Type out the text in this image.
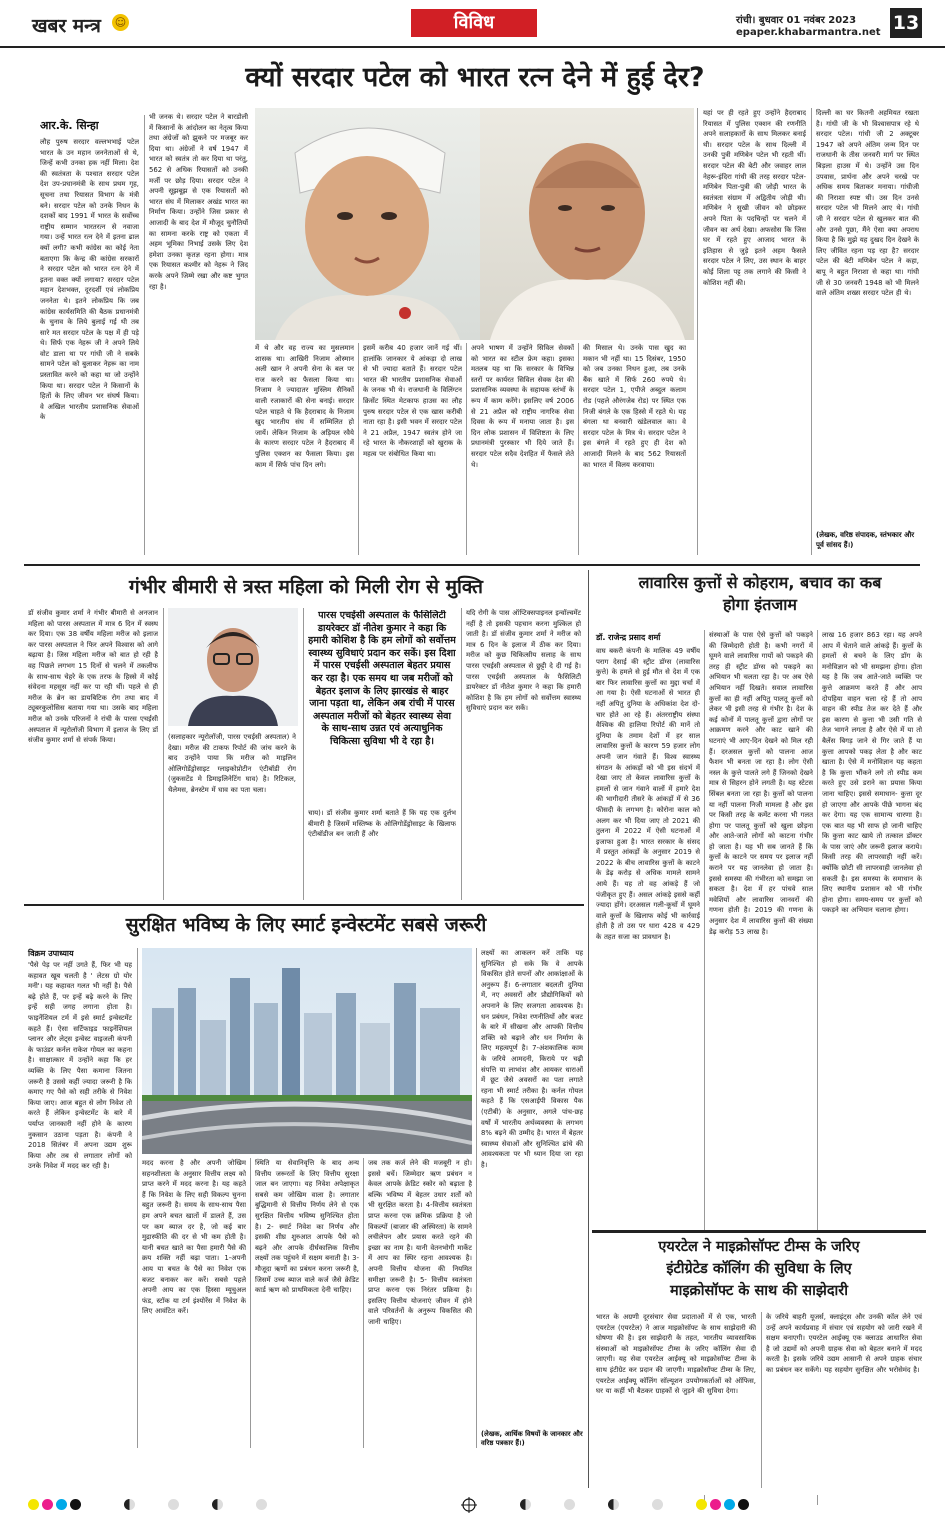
खबर मन्त्र ☺	विविध	रांची। बुधवार 01 नवंबर 2023
epaper.khabarmantra.net 13
क्यों सरदार पटेल को भारत रत्न देने में हुई देर?
आर.के. सिन्हा
लौह पुरुष सरदार वल्लभभाई पटेल भारत के उन महान जननेताओं से थे, जिन्हें कभी उनका हक नहीं मिला। देश की स्वतंत्रता के पश्चात सरदार पटेल देश उप-प्रधानमंत्री के साथ प्रथम गृह, सूचना तथा रियासत विभाग के मंत्री बने। सरदार पटेल को उनके निधन के दशकों बाद 1991 में भारत के सर्वोच्च राष्ट्रीय सम्मान भारतरत्न से नवाजा गया। उन्हें भारत रत्न देने में इतना ढाल क्यों लगी? कभी कांग्रेस का कोई नेता बताएगा कि केन्द्र की कांग्रेस सरकारों ने सरदार पटेल को भारत रत्न देने में इतना वक्त क्यों लगाया? सरदार पटेल महान देशभक्त, दूरदर्शी एवं लोकप्रिय जननेता थे। इतने लोकप्रिय कि जब कांग्रेस कार्यसमिति की बैठक प्रधानमंत्री के चुनाव के लिये बुलाई गई थी तब सारे मत सरदार पटेल के पक्ष में ही पड़े थे। सिर्फ एक नेहरू जी ने अपने लिये वोट डाला था पर गांधी जी ने सबके सामने पटेल को बुलाकर नेहरू का नाम प्रस्तावित करने को कहा था जो उन्होंने किया था। सरदार पटेल ने किसानों के हितों के लिए जीवन भर संघर्ष किया। वे अखिल भारतीय प्रशासनिक सेवाओं के
भी जनक थे। सरदार पटेल ने बारडोली में किसानों के आंदोलन का नेतृत्व किया तथा अंग्रेजों को झुकने पर मजबूर कर दिया था। अंग्रेजों ने वर्ष 1947 में भारत को स्वतंत्र तो कर दिया था परंतु, 562 से अधिक रियासतों को उनकी मर्जी पर छोड़ दिया। सरदार पटेल ने अपनी सूझबूझ से एक रियासतों को भारत संघ में मिलाकर अखंड भारत का निर्माण किया। उन्होंने जिस प्रकार से आजादी के बाद देश में मौजूद चुनौतियों का सामना करके राष्ट्र को एकता में अहम भूमिका निभाई उसके लिए देश हमेशा उनका कृतज्ञ रहना होगा। मात्र एक रियासत कश्मीर को नेहरू ने जिद करके अपने जिम्मे रखा और कष्ट भुगत रहा है।
में थे और वह राज्य का मुसलमान शासक था। आखिरी निजाम ओस्मान अली खान ने अपनी सेना के बल पर राज करने का फैसला किया था। निजाम ने ज्यादातर मुस्लिम सैनिकों वाली रजाकारों की सेना बनाई। सरदार पटेल चाहते थे कि हैदराबाद के निजाम खुद भारतीय संघ में सम्मिलित हो जायें। लेकिन निजाम के अड़ियल रवैये के कारण सरदार पटेल ने हैदराबाद में पुलिस एक्शन का फैसला किया। इस काम में सिर्फ पांच दिन लगे।
इसमें करीब 40 हजार जानें गई थीं। हालांकि जानकार ये आंकड़ा दो लाख से भी ज्यादा बताते हैं। सरदार पटेल भारत की भारतीय प्रशासनिक सेवाओं के जनक भी थे। राजधानी के विलिंग्टन क्रिसेंट स्थित मेटकाफ हाउस का लौह पुरुष सरदार पटेल से एक खास करीबी नाता रहा है। इसी भवन में सरदार पटेल ने 21 अप्रैल, 1947 स्वतंत्र होने जा रहे भारत के नौकरशाहों को खुराक के महत्व पर संबोधित किया था।
अपने भाषण में उन्होंने सिविल सेवकों को भारत का स्टील फ्रेम कहा। इसका मतलब यह था कि सरकार के विभिन्न स्तरों पर कार्यरत सिविल सेवक देश की प्रशासनिक व्यवस्था के सहायक स्तंभों के रूप में काम करेंगे। इसलिए वर्ष 2006 से 21 अप्रैल को राष्ट्रीय नागरिक सेवा दिवस के रूप में मनाया जाता है। इस दिन लोक प्रशासन में विशिष्टता के लिए प्रधानमंत्री पुरस्कार भी दिये जाते हैं। सरदार पटेल सदैव देशहित में फैसले लेते थे।
की मिसाल थे। उनके पास खुद का मकान भी नहीं था। 15 दिसंबर, 1950 को जब उनका निधन हुआ, तब उनके बैंक खाते में सिर्फ 260 रुपये थे। सरदार पटेल 1, एपीजे अब्दुल कलाम रोड (पहले औरंगजेब रोड) पर स्थित एक निजी बंगले के एक हिस्से में रहते थे। यह बंगला था बनवारी खंडेलवाल का। वे सरदार पटेल के मित्र थे। सरदार पटेल ने इस बंगले में रहते हुए ही देश को आजादी मिलने के बाद 562 रियासतों का भारत में विलय करवाया।
यहां पर ही रहते हुए उन्होंने हैदराबाद रियासत में पुलिस एक्शन की रणनीति अपने सलाहकारों के साथ मिलकर बनाई थी। सरदार पटेल के साथ दिल्ली में उनकी पुत्री मणिबेन पटेल भी रहती थीं। सरदार पटेल की बेटी और जवाहर लाल नेहरू-इंदिरा गांधी की तरह सरदार पटेल-मणिबेन पिता-पुत्री की जोड़ी भारत के स्वतंत्रता संग्राम में अद्वितीय जोड़ी थी। मणिबेन ने सुखी जीवन को छोड़कर अपने पिता के पदचिन्हों पर चलने में जीवन का अर्थ देखा। अफसोस कि जिस घर में रहते हुए आजाद भारत के इतिहास से जुड़े इतने अहम फैसले सरदार पटेल ने लिए, उस स्थान के बाहर कोई शिला पट्ट तक लगाने की किसी ने कोशिश नहीं की।
दिल्ली का घर कितनी अहमियत रखता है। गांधी जी के भी विश्वासपात्र रहे थे सरदार पटेल। गांधी जी 2 अक्टूबर 1947 को अपने अंतिम जन्म दिन पर राजधानी के तीस जनवरी मार्ग पर स्थित बिड़ला हाउस में थे। उन्होंने उस दिन उपवास, प्रार्थना और अपने चरखे पर अधिक समय बिताकर मनाया। गांधीजी की निराशा स्पष्ट थी। उस दिन उनसे सरदार पटेल भी मिलने आए थे। गांधी जी ने सरदार पटेल से खुलकर बात की और उनसे पूछा, मैंने ऐसा क्या अपराध किया है कि मुझे यह दुखद दिन देखने के लिए जीवित रहना पड़ रहा है? सरदार पटेल की बेटी मणिबेन पटेल ने कहा, बापू ने बहुत निराशा से कहा था। गांधी जी से 30 जनवरी 1948 को भी मिलने वाले अंतिम शख्स सरदार पटेल ही थे।
(लेखक, वरिष्ठ संपादक, स्तंभकार और पूर्व सांसद हैं।)
गंभीर बीमारी से त्रस्त महिला को मिली रोग से मुक्ति
डॉ संजीव कुमार शर्मा ने गंभीर बीमारी से अनजान महिला को पारस अस्पताल में मात्र 6 दिन में स्वस्थ कर दिया। एक 38 वर्षीय महिला मरीज को इलाज कर पारस अस्पताल ने फिर अपने विश्वास को आगे बढ़ाया है। जिस महिला मरीज को बात हो रही है वह पिछले लगभग 15 दिनों से चलने में तकलीफ के साथ-साथ चेहरे के एक तरफ के हिस्से में कोई संवेदना महसूस नहीं कर पा रही थीं। पहले से ही मरीज के ब्रेन का डायबिटिक रोग तथा बाद में ट्यूबरकुलोसिस बताया गया था। उसके बाद महिला मरीज को उनके परिजनों ने रांची के पारस एचईसी अस्पताल में न्यूरोलॉजी विभाग में इलाज के लिए डॉ संजीव कुमार शर्मा से संपर्क किया।	(सलाहकार न्यूरोलॉजी, पारस एचईसी अस्पताल) ने देखा। मरीज की टाकफ रिपोर्ट की जांच करने के बाद उन्होंने पाया कि मरीज को माइलिन ओलिगोडेंड्रोसाइट ग्लाइकोप्रोटीन एंटीबॉडी रोग (जुकसटेंड मे डिमाइलिनेटिंग घाव) है। रिटिकल, थैलेमस, ब्रेनस्टेम में घाव का पता चला।
पारस एचईसी अस्पताल के फैसिलिटी डायरेक्टर डॉ नीतेश कुमार ने कहा कि हमारी कोशिश है कि हम लोगों को सर्वोत्तम स्वास्थ्य सुविधाएं प्रदान कर सकें। इस दिशा में पारस एचईसी अस्पताल बेहतर प्रयास कर रहा है। एक समय था जब मरीजों को बेहतर इलाज के लिए झारखंड से बाहर जाना पड़ता था, लेकिन अब रांची में पारस अस्पताल मरीजों को बेहतर स्वास्थ्य सेवा के साथ-साथ उन्नत एवं अत्याधुनिक चिकित्सा सुविधा भी दे रहा है।
चाय)। डॉ संजीव कुमार शर्मा बताते हैं कि यह एक दुर्लभ बीमारी है जिसमें मस्तिष्क के ओलिगोडेंड्रोसाइट के खिलाफ एंटीबॉडीज बन जाती हैं और
यदि रोगी के पास ऑप्टिक्सपाइनल इन्वॉल्वमेंट नहीं है तो इसकी पहचान करना मुश्किल हो जाती है। डॉ संजीव कुमार शर्मा ने मरीज को मात्र 6 दिन के इलाज में ठीक कर दिया। मरीज को कुछ चिकित्सीय सलाह के साथ पारस एचईसी अस्पताल से छुट्टी दे दी गई है। पारस एचईसी अस्पताल के फैसिलिटी डायरेक्टर डॉ नीतेश कुमार ने कहा कि हमारी कोशिश है कि हम लोगों को सर्वोत्तम स्वास्थ्य सुविधाएं प्रदान कर सकें।
लावारिस कुत्तों से कोहराम, बचाव का कब
होगा इंतजाम
डॉ. राजेन्द्र प्रसाद शर्मा
वाघ बकरी कंपनी के मालिक 49 वर्षीय पराग देसाई की स्ट्रीट डॉग्स (लावारिस कुत्ते) के हमले से हुई मौत से देश में एक बार फिर लावारिस कुत्तों का मुद्दा चर्चा में आ गया है। ऐसी घटनाओं से भारत ही नहीं अपितु दुनिया के अधिकांश देश दो-चार होते आ रहे हैं। अंतरराष्ट्रीय संस्था वैश्विक की हालिया रिपोर्ट की मानें तो दुनिया के तमाम देशों में हर साल लावारिस कुत्तों के कारण 59 हजार लोग अपनी जान गंवाते हैं। विश्व स्वास्थ्य संगठन के आंकड़ों को भी इस संदर्भ में देखा जाए तो केवल लावारिस कुत्तों के हमलों से जान गंवाने वालों में हमारे देश की भागीदारी तीसरे के आंकड़ों में से 36 फीसदी के लगभग है। कोरोना काल को अलग कर भी दिया जाए तो 2021 की तुलना में 2022 में ऐसी घटनाओं में इजाफा हुआ है। भारत सरकार के संसद में प्रस्तुत आंकड़ों के अनुसार 2019 से 2022 के बीच लावारिस कुत्तों के काटने के डेढ़ करोड़ से अधिक मामले सामने आये हैं। यह तो वह आंकड़े हैं जो पंजीकृत हुए हैं। असल आंकड़े इससे कहीं ज्यादा होंगे। दरअसल गली-कूचों में घूमने वाले कुत्तों के खिलाफ कोई भी कार्रवाई होती है तो उस पर धारा 428 व 429 के तहत सजा का प्रावधान है।
संस्थाओं के पास ऐसे कुत्तों को पकड़ने की जिम्मेदारी होती है। कभी नगरों में घूमने वाले लावारिस गायों को पकड़ने की तरह ही स्ट्रीट डॉग्स को पकड़ने का अभियान भी चलता रहा है। पर अब ऐसे अभियान नहीं दिखते। सवाल लावारिस कुत्तों का ही नहीं अपितु पालतू कुत्तों को लेकर भी इसी तरह से गंभीर है। देश के कई कोनों में पालतू कुत्तों द्वारा लोगों पर आक्रमण करने और काट खाने की घटनाएं भी आए-दिन देखने को मिल रही हैं। दरअसल कुत्तों को पालना आज फैशन भी बनता जा रहा है। लोग ऐसी नस्ल के कुत्ते पालते लगे हैं जिनको देखने मात्र से सिहरन होने लगती है। यह स्टेटस सिंबल बनता जा रहा है। कुत्तों को पालना या नहीं पालना निजी मामला है और इस पर किसी तरह के कमेंट करना भी गलत होगा पर पालतू कुत्तों को खुला छोड़ना और आते-जाते लोगों को काटना गंभीर हो जाता है। यह भी सब जानते हैं कि कुत्तों के काटने पर समय पर इलाज नहीं कराने पर यह जानलेवा हो जाता है। इससे समस्या की गंभीरता को समझा जा सकता है। देश में हर पांचवे साल मवेशियों और लावारिस जानवरों की गणना होती है। 2019 की गणना के अनुसार देश में लावारिस कुत्तों की संख्या डेढ़ करोड़ 53 लाख है।
लाख 16 हजार 863 रहा। यह अपने आप में चेताने वाले आंकड़े हैं। कुत्तों के हमलों से बचने के लिए डॉग के मनोविज्ञान को भी समझना होगा। होता यह है कि जब आते-जाते व्यक्ति पर कुत्ते आक्रमण करते हैं और आप दोपहिया वाहन चला रहे हैं तो आप वाहन की स्पीड तेज कर देते हैं और इस कारण से कुत्ता भी उसी गति से तेज भागने लगता है और ऐसे में या तो बैलेंस बिगड़ जाने से गिर जाते हैं या कुत्ता आपको पकड़ लेता है और काट खाता है। ऐसे में मनोविज्ञान यह कहता है कि कुत्ता भौंकने लगे तो स्पीड कम करते हुए उसे डराने का प्रयास किया जाना चाहिए। इससे समाधान- कुत्ता दूर हो जाएगा और आपके पीछे भागना बंद कर देगा। यह एक सामान्य धारणा है। एक बात यह भी साफ हो जानी चाहिए कि कुत्ता काट खाये तो तत्काल डॉक्टर के पास जाएं और जरूरी इलाज कराये। किसी तरह की लापरवाही नहीं करें। क्योंकि छोटी सी लापरवाही जानलेवा हो सकती है। इस समस्या के समाधान के लिए स्थानीय प्रशासन को भी गंभीर होना होगा। समय-समय पर कुत्तों को पकड़ने का अभियान चलाना होगा।
सुरक्षित भविष्य के लिए स्मार्ट इन्वेस्टमेंट सबसे जरूरी
विक्रम उपाध्याय
'पैसे पेड़ पर नहीं उगते हैं, फिर भी यह कहावत खूब चलती है ' लेटस ग्रो योर मनी'। यह कहावत गलत भी नहीं है। पैसे बढ़े होते हैं, पर इन्हें बढ़े करने के लिए इन्हें सही जगह लगाना होता है। फाइनेंशियल टर्म में इसे स्मार्ट इन्वेस्टमेंट कहते हैं। ऐसा सर्टिफाइड फाइनेंशियल प्लानर और लेट्स इन्वेस्ट वाइजली कंपनी के फाउंडर कर्नल राकेश गोयल का कहना है। साक्षात्कार में उन्होंने कहा कि हर व्यक्ति के लिए पैसा कमाना जितना जरूरी है उससे कहीं ज्यादा जरूरी है कि कमाए गए पैसे को सही तरीके से निवेश किया जाए। आज बहुत से लोग निवेश तो करते हैं लेकिन इन्वेस्टमेंट के बारे में पर्याप्त जानकारी नहीं होने के कारण नुकसान उठाना पड़ता है। कंपनी ने 2018 सितंबर में अपना उद्यम शुरू किया और तब से लगातार लोगों को उनके निवेश में मदद कर रही है।	मदद करना है और अपनी जोखिम सहनशीलता के अनुसार वित्तीय लक्ष्य को प्राप्त करने में मदद करना है। यह कहते हैं कि निवेश के लिए सही विकल्प चुनना बहुत जरूरी है। समय के साथ-साथ पैसा हम अपने बचत खातों में डालते हैं, उस पर कम ब्याज दर है, जो कई बार मुद्रास्फीति की दर से भी कम होती है। यानी बचत खाते का पैसा हमारी पैसे की क्रय शक्ति नहीं बढ़ा पाता। 1-अपनी आय या बचत के पैसे का निवेश एक बजट बनाकर कर करें। सबसे पहले अपनी आय का एक हिस्सा म्यूचुअल फंड, स्टॉक या टर्म इंश्योरेंस में निवेश के लिए आवंटित करें।
स्थिति या सेवानिवृत्ति के बाद अन्य वित्तीय जरूरतों के लिए वित्तीय सुरक्षा जाल बन जाएगा। यह निवेश अपेक्षाकृत सबसे कम जोखिम वाला है। लगातार बुद्धिमानी से वित्तीय निर्णय लेने से एक सुरक्षित वित्तीय भविष्य सुनिश्चित होता है। 2- स्मार्ट निवेश का निर्णय और इसकी शीघ्र शुरुआत आपके पैसे को बढ़ने और आपके दीर्घकालिक वित्तीय लक्ष्यों तक पहुंचने में सक्षम बनाती है। 3- मौजूदा ऋणों का प्रबंधन करना जरूरी है, जिसमें उच्च ब्याज वाले कर्ज जैसे क्रेडिट कार्ड ऋण को प्राथमिकता देनी चाहिए।
जब तक कर्ज लेने की मजबूरी न हो। इससे बचें। जिम्मेदार ऋण प्रबंधन न केवल आपके क्रेडिट स्कोर को बढ़ाता है बल्कि भविष्य में बेहतर उधार शर्तों को भी सुरक्षित करता है। 4-वित्तीय स्वतंत्रता प्राप्त करना एक क्रमिक प्रक्रिया है जो विकल्पों (बाजार की अस्थिरता) के सामने लचीलेपन और प्रयास करते रहने की इच्छा का नाम है। यानी वेतनभोगी मार्केट में आप का स्थिर रहना आवश्यक है। अपनी वित्तीय योजना की नियमित समीक्षा जरूरी है। 5- वित्तीय स्वतंत्रता प्राप्त करना एक निरंतर प्रक्रिया है। इसलिए वित्तीय योजनाएं जीवन में होने वाले परिवर्तनों के अनुरूप विकसित की जानी चाहिए।
लक्ष्यों का आकलन करें ताकि यह सुनिश्चित हो सके कि वे आपके विकसित होते सपनों और आकांक्षाओं के अनुरूप हैं। 6-लगातार बदलती दुनिया में, नए अवसरों और प्रौद्योगिकियों को अपनाने के लिए सजगता आवश्यक है। धन प्रबंधन, निवेश रणनीतियों और बजट के बारे में सीखना और आपकी वित्तीय शक्ति को बढ़ाने और धन निर्माण के लिए महत्वपूर्ण है। 7-अंशकालिक काम के जरिये आमदनी, किराये पर चढ़ी संपत्ति या लाभांश और आयकर धाराओं में छूट जैसे अवसरों का पता लगाते रहना भी स्मार्ट तरीका है। कर्नल गोयल कहते हैं कि एसआईपी विकास पैक (एटीबी) के अनुसार, अगले पांच-छह वर्षों में भारतीय अर्थव्यवस्था के लगभग 8% बढ़ने की उम्मीद है। भारत में बेहतर स्वास्थ्य सेवाओं और सुनिश्चित ढांचे की आवश्यकता पर भी ध्यान दिया जा रहा है।
(लेखक, आर्थिक विषयों के जानकार और वरिष्ठ पत्रकार हैं।)
एयरटेल ने माइक्रोसॉफ्ट टीम्स के जरिए
इंटीग्रेटेड कॉलिंग की सुविधा के लिए
माइक्रोसॉफ्ट के साथ की साझेदारी
भारत के अग्रणी दूरसंचार सेवा प्रदाताओं में से एक, भारती एयरटेल (एयरटेल) ने आज माइक्रोसॉफ्ट के साथ साझेदारी की घोषणा की है। इस साझेदारी के तहत, भारतीय व्यावसायिक संस्थाओं को माइक्रोसॉफ्ट टीम्स के जरिए कॉलिंग सेवा दी जाएगी। यह सेवा एयरटेल आईक्यू को माइक्रोसॉफ्ट टीम्स के साथ इंटीग्रेट कर प्रदान की जाएगी। माइक्रोसॉफ्ट टीम्स के लिए, एयरटेल आईक्यू कॉलिंग सॉल्यूशन उपयोगकर्ताओं को ऑफिस, घर या कहीं भी बैठकर ग्राहकों से जुड़ने की सुविधा देगा।
के जरिये बाहरी यूजर्स, क्लाइंट्स और उनकी कॉल लेने एवं उन्हें अपने कार्यप्रवाह में संचार एवं सहयोग को जारी रखने में सक्षम बनाएगी। एयरटेल आईक्यू एक क्लाउड आधारित सेवा है जो उद्यमों को अपनी ग्राहक सेवा को बेहतर बनाने में मदद करती है। इसके जरिये उद्यम आसानी से अपने ग्राहक संचार का प्रबंधन कर सकेंगे। यह सहयोग सुरक्षित और भरोसेमंद है।
